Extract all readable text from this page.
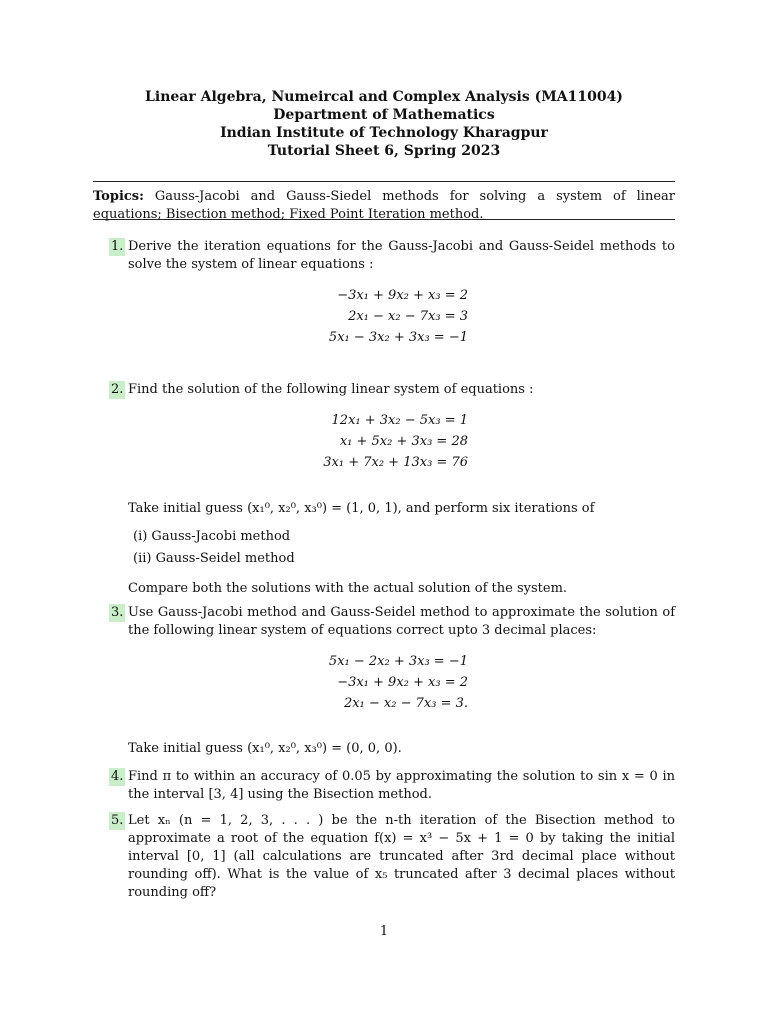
Linear Algebra, Numeircal and Complex Analysis (MA11004)
Department of Mathematics
Indian Institute of Technology Kharagpur
Tutorial Sheet 6, Spring 2023
Topics: Gauss-Jacobi and Gauss-Siedel methods for solving a system of linear equations; Bisection method; Fixed Point Iteration method.
1. Derive the iteration equations for the Gauss-Jacobi and Gauss-Seidel methods to solve the system of linear equations :
−3x₁ + 9x₂ + x₃ = 2
2x₁ − x₂ − 7x₃ = 3
5x₁ − 3x₂ + 3x₃ = −1
2. Find the solution of the following linear system of equations :
12x₁ + 3x₂ − 5x₃ = 1
x₁ + 5x₂ + 3x₃ = 28
3x₁ + 7x₂ + 13x₃ = 76
Take initial guess (x₁⁰, x₂⁰, x₃⁰) = (1, 0, 1), and perform six iterations of
(i) Gauss-Jacobi method
(ii) Gauss-Seidel method
Compare both the solutions with the actual solution of the system.
3. Use Gauss-Jacobi method and Gauss-Seidel method to approximate the solution of the following linear system of equations correct upto 3 decimal places:
5x₁ − 2x₂ + 3x₃ = −1
−3x₁ + 9x₂ + x₃ = 2
2x₁ − x₂ − 7x₃ = 3.
Take initial guess (x₁⁰, x₂⁰, x₃⁰) = (0, 0, 0).
4. Find π to within an accuracy of 0.05 by approximating the solution to sin x = 0 in the interval [3, 4] using the Bisection method.
5. Let xₙ (n = 1, 2, 3, . . . ) be the n-th iteration of the Bisection method to approximate a root of the equation f(x) = x³ − 5x + 1 = 0 by taking the initial interval [0, 1] (all calculations are truncated after 3rd decimal place without rounding off). What is the value of x₅ truncated after 3 decimal places without rounding off?
1
